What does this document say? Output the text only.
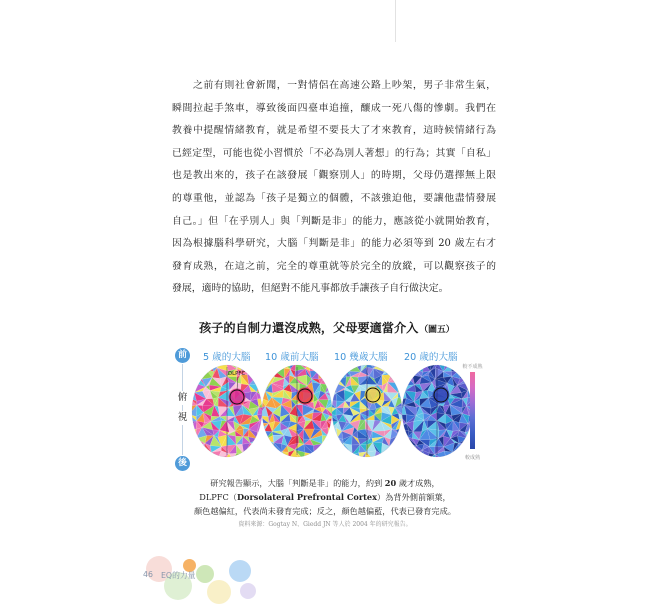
之前有則社會新聞，一對情侶在高速公路上吵架，男子非常生氣，
瞬間拉起手煞車，導致後面四臺車追撞，釀成一死八傷的慘劇。我們在
教養中提醒情緒教育，就是希望不要長大了才來教育，這時候情緒行為
已經定型，可能也從小習慣於「不必為別人著想」的行為；其實「自私」
也是教出來的，孩子在該發展「觀察別人」的時期，父母仍選擇無上限
的尊重他，並認為「孩子是獨立的個體，不該強迫他，要讓他盡情發展
自己。」但「在乎別人」與「判斷是非」的能力，應該從小就開始教育，
因為根據腦科學研究，大腦「判斷是非」的能力必須等到 20 歲左右才
發育成熟，在這之前，完全的尊重就等於完全的放縱，可以觀察孩子的
發展，適時的協助，但絕對不能凡事都放手讓孩子自行做決定。
孩子的自制力還沒成熟，父母要適當介入（圖五）
前
俯
視
後
5 歲的大腦 10 歲前大腦 10 幾歲大腦 20 歲的大腦
DLPFC
較不成熟
較成熟
研究報告顯示，大腦「判斷是非」的能力，約到 20 歲才成熟，
DLPFC（Dorsolateral Prefrontal Cortex）為背外側前額葉，
顏色越偏紅，代表尚未發育完成；反之，顏色越偏藍，代表已發育完成。
資料來源：Gogtay N、Giedd JN 等人於 2004 年的研究報告。
46 EQ的力量
